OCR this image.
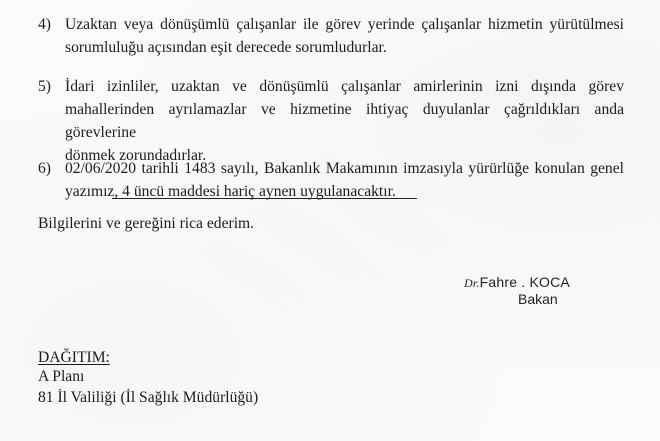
4) Uzaktan veya dönüşümlü çalışanlar ile görev yerinde çalışanlar hizmetin yürütülmesi
sorumluluğu açısından eşit derecede sorumludurlar.
5) İdari izinliler, uzaktan ve dönüşümlü çalışanlar amirlerinin izni dışında görev
mahallerinden ayrılamazlar ve hizmetine ihtiyaç duyulanlar çağrıldıkları anda görevlerine
dönmek zorundadırlar.
6) 02/06/2020 tarihli 1483 sayılı, Bakanlık Makamının imzasıyla yürürlüğe konulan genel
yazımız, 4 üncü maddesi hariç aynen uygulanacaktır.
Bilgilerini ve gereğini rica ederim.
Dr.Fahre . KOCA
Bakan
DAĞITIM:
A Planı
81 İl Valiliği (İl Sağlık Müdürlüğü)
